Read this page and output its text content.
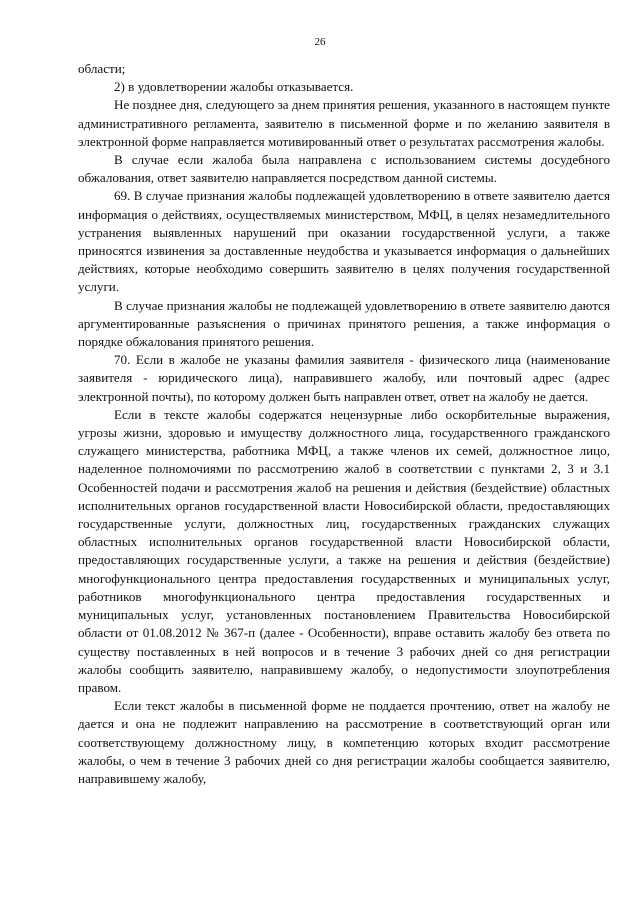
26

области;

2) в удовлетворении жалобы отказывается.

Не позднее дня, следующего за днем принятия решения, указанного в настоящем пункте административного регламента, заявителю в письменной форме и по желанию заявителя в электронной форме направляется мотивированный ответ о результатах рассмотрения жалобы.

В случае если жалоба была направлена с использованием системы досудебного обжалования, ответ заявителю направляется посредством данной системы.

69. В случае признания жалобы подлежащей удовлетворению в ответе заявителю дается информация о действиях, осуществляемых министерством, МФЦ, в целях незамедлительного устранения выявленных нарушений при оказании государственной услуги, а также приносятся извинения за доставленные неудобства и указывается информация о дальнейших действиях, которые необходимо совершить заявителю в целях получения государственной услуги.

В случае признания жалобы не подлежащей удовлетворению в ответе заявителю даются аргументированные разъяснения о причинах принятого решения, а также информация о порядке обжалования принятого решения.

70. Если в жалобе не указаны фамилия заявителя - физического лица (наименование заявителя - юридического лица), направившего жалобу, или почтовый адрес (адрес электронной почты), по которому должен быть направлен ответ, ответ на жалобу не дается.

Если в тексте жалобы содержатся нецензурные либо оскорбительные выражения, угрозы жизни, здоровью и имуществу должностного лица, государственного гражданского служащего министерства, работника МФЦ, а также членов их семей, должностное лицо, наделенное полномочиями по рассмотрению жалоб в соответствии с пунктами 2, 3 и 3.1 Особенностей подачи и рассмотрения жалоб на решения и действия (бездействие) областных исполнительных органов государственной власти Новосибирской области, предоставляющих государственные услуги, должностных лиц, государственных гражданских служащих областных исполнительных органов государственной власти Новосибирской области, предоставляющих государственные услуги, а также на решения и действия (бездействие) многофункционального центра предоставления государственных и муниципальных услуг, работников многофункционального центра предоставления государственных и муниципальных услуг, установленных постановлением Правительства Новосибирской области от 01.08.2012 № 367-п (далее - Особенности), вправе оставить жалобу без ответа по существу поставленных в ней вопросов и в течение 3 рабочих дней со дня регистрации жалобы сообщить заявителю, направившему жалобу, о недопустимости злоупотребления правом.

Если текст жалобы в письменной форме не поддается прочтению, ответ на жалобу не дается и она не подлежит направлению на рассмотрение в соответствующий орган или соответствующему должностному лицу, в компетенцию которых входит рассмотрение жалобы, о чем в течение 3 рабочих дней со дня регистрации жалобы сообщается заявителю, направившему жалобу,
